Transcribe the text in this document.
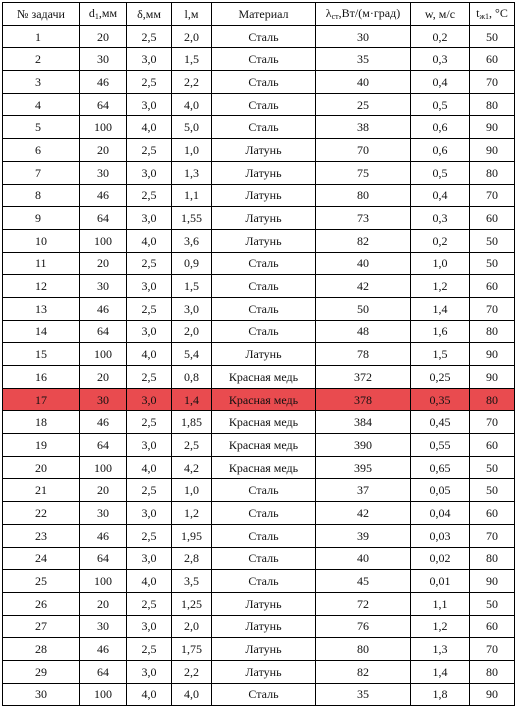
№ задачи	$d_1,мм$	δ,мм	l,м	Материал	$\lambda_{ст},Вт/(м\cdot град)$	w, м/с	$t_{ж1}$, °С
1	20	2,5	2,0	Сталь	30	0,2	50
2	30	3,0	1,5	Сталь	35	0,3	60
3	46	2,5	2,2	Сталь	40	0,4	70
4	64	3,0	4,0	Сталь	25	0,5	80
5	100	4,0	5,0	Сталь	38	0,6	90
6	20	2,5	1,0	Латунь	70	0,6	90
7	30	3,0	1,3	Латунь	75	0,5	80
8	46	2,5	1,1	Латунь	80	0,4	70
9	64	3,0	1,55	Латунь	73	0,3	60
10	100	4,0	3,6	Латунь	82	0,2	50
11	20	2,5	0,9	Сталь	40	1,0	50
12	30	3,0	1,5	Сталь	42	1,2	60
13	46	2,5	3,0	Сталь	50	1,4	70
14	64	3,0	2,0	Сталь	48	1,6	80
15	100	4,0	5,4	Латунь	78	1,5	90
16	20	2,5	0,8	Красная медь	372	0,25	90
17	30	3,0	1,4	Красная медь	378	0,35	80
18	46	2,5	1,85	Красная медь	384	0,45	70
19	64	3,0	2,5	Красная медь	390	0,55	60
20	100	4,0	4,2	Красная медь	395	0,65	50
21	20	2,5	1,0	Сталь	37	0,05	50
22	30	3,0	1,2	Сталь	42	0,04	60
23	46	2,5	1,95	Сталь	39	0,03	70
24	64	3,0	2,8	Сталь	40	0,02	80
25	100	4,0	3,5	Сталь	45	0,01	90
26	20	2,5	1,25	Латунь	72	1,1	50
27	30	3,0	2,0	Латунь	76	1,2	60
28	46	2,5	1,75	Латунь	80	1,3	70
29	64	3,0	2,2	Латунь	82	1,4	80
30	100	4,0	4,0	Сталь	35	1,8	90
